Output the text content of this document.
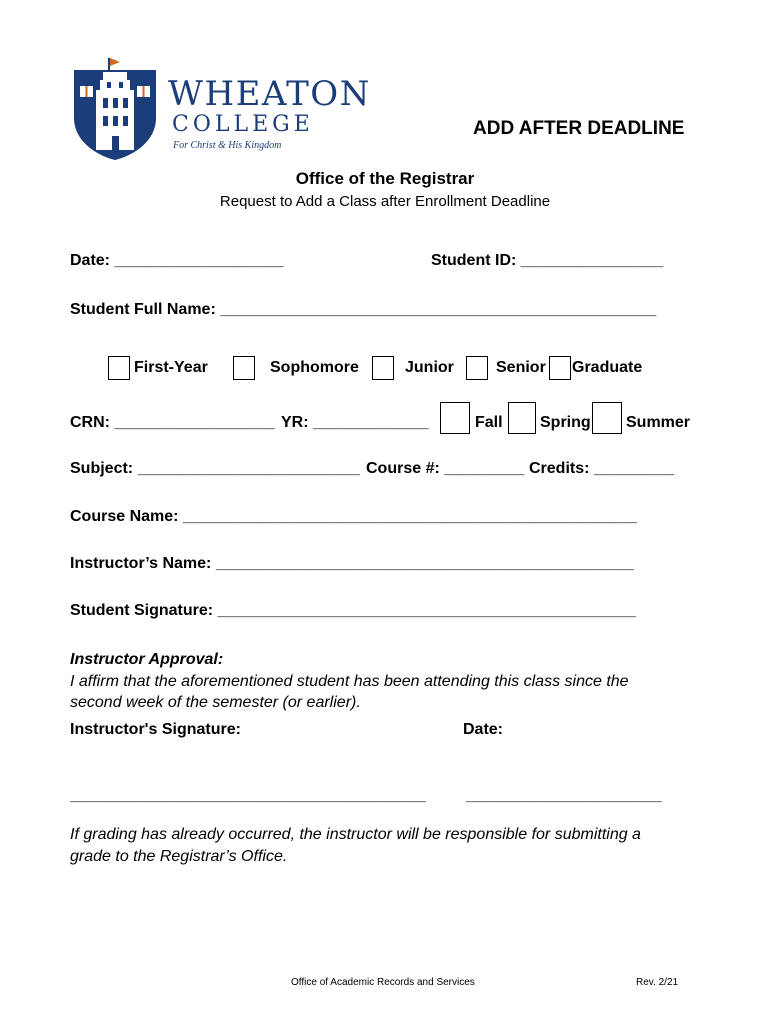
WHEATON
COLLEGE
For Christ & His Kingdom
ADD AFTER DEADLINE
Office of the Registrar
Request to Add a Class after Enrollment Deadline
Date: ___________________	Student ID: ________________
Student Full Name: _________________________________________________
First-Year	Sophomore	Junior	Senior Graduate
CRN: __________________ YR: _____________	Fall Spring Summer
Subject: _________________________ Course #: _________ Credits: _________
Course Name: ___________________________________________________
Instructor’s Name: _______________________________________________
Student Signature: _______________________________________________
Instructor Approval:
I affirm that the aforementioned student has been attending this class since the
second week of the semester (or earlier).
Instructor's Signature:	Date:
________________________________________	______________________
If grading has already occurred, the instructor will be responsible for submitting a
grade to the Registrar’s Office.
Office of Academic Records and Services	Rev. 2/21
